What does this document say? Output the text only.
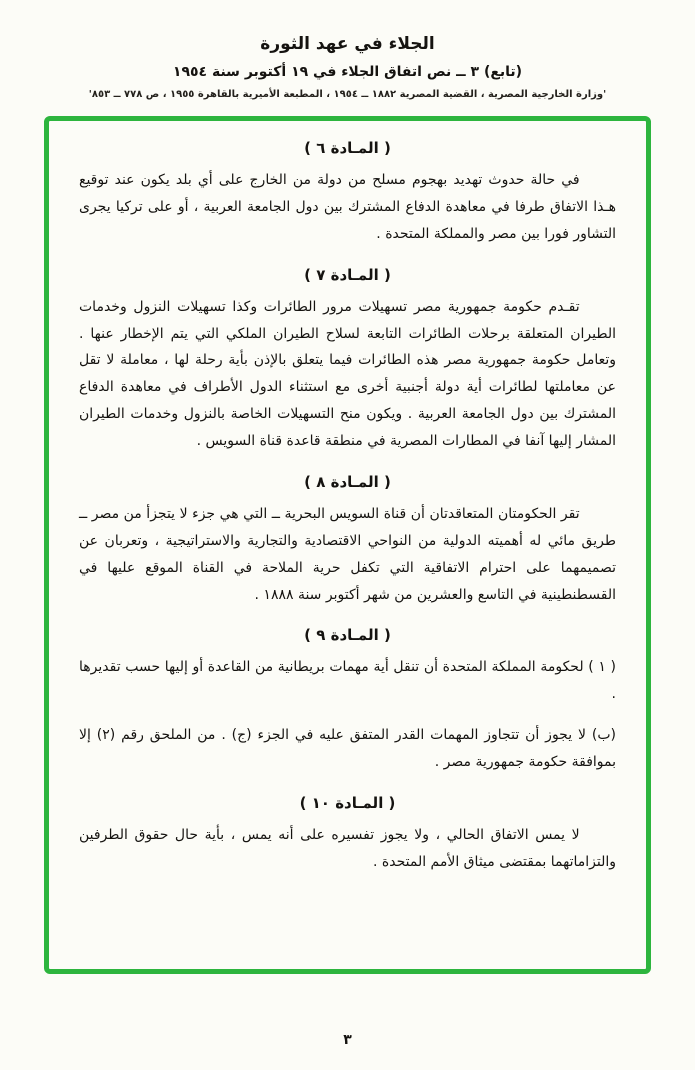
الجلاء في عهد الثورة
(تابع) ٣ ــ نص اتفاق الجلاء في ١٩ أكتوبر سنة ١٩٥٤
'وزارة الخارجية المصرية ، القضية المصرية ١٨٨٢ ــ ١٩٥٤ ، المطبعة الأميرية بالقاهرة ١٩٥٥ ، ص ٧٧٨ ــ ٨٥٣'
( المـادة ٦ )

في حالة حدوث تهديد بهجوم مسلح من دولة من الخارج على أي بلد يكون عند توقيع هـذا الاتفاق طرفا في معاهدة الدفاع المشترك بين دول الجامعة العربية ، أو على تركيا يجرى التشاور فورا بين مصر والمملكة المتحدة .

( المـادة ٧ )

تقـدم حكومة جمهورية مصر تسهيلات مرور الطائرات وكذا تسهيلات النزول وخدمات الطيران المتعلقة برحلات الطائرات التابعة لسلاح الطيران الملكي التي يتم الإخطار عنها . وتعامل حكومة جمهورية مصر هذه الطائرات فيما يتعلق بالإذن بأية رحلة لها ، معاملة لا تقل عن معاملتها لطائرات أية دولة أجنبية أخرى مع استثناء الدول الأطراف في معاهدة الدفاع المشترك بين دول الجامعة العربية . ويكون منح التسهيلات الخاصة بالنزول وخدمات الطيران المشار إليها آنفا في المطارات المصرية في منطقة قاعدة قناة السويس .

( المـادة ٨ )

تقر الحكومتان المتعاقدتان أن قناة السويس البحرية ــ التي هي جزء لا يتجزأ من مصر ــ طريق مائي له أهميته الدولية من النواحي الاقتصادية والتجارية والاستراتيجية ، وتعربان عن تصميمهما على احترام الاتفاقية التي تكفل حرية الملاحة في القناة الموقع عليها في القسطنطينية في التاسع والعشرين من شهر أكتوبر سنة ١٨٨٨ .

( المـادة ٩ )

( ١ ) لحكومة المملكة المتحدة أن تنقل أية مهمات بريطانية من القاعدة أو إليها حسب تقديرها .

(ب) لا يجوز أن تتجاوز المهمات القدر المتفق عليه في الجزء (ج) . من الملحق رقم (٢) إلا بموافقة حكومة جمهورية مصر .

( المـادة ١٠ )

لا يمس الاتفاق الحالي ، ولا يجوز تفسيره على أنه يمس ، بأية حال حقوق الطرفين والتزاماتهما بمقتضى ميثاق الأمم المتحدة .

٣
